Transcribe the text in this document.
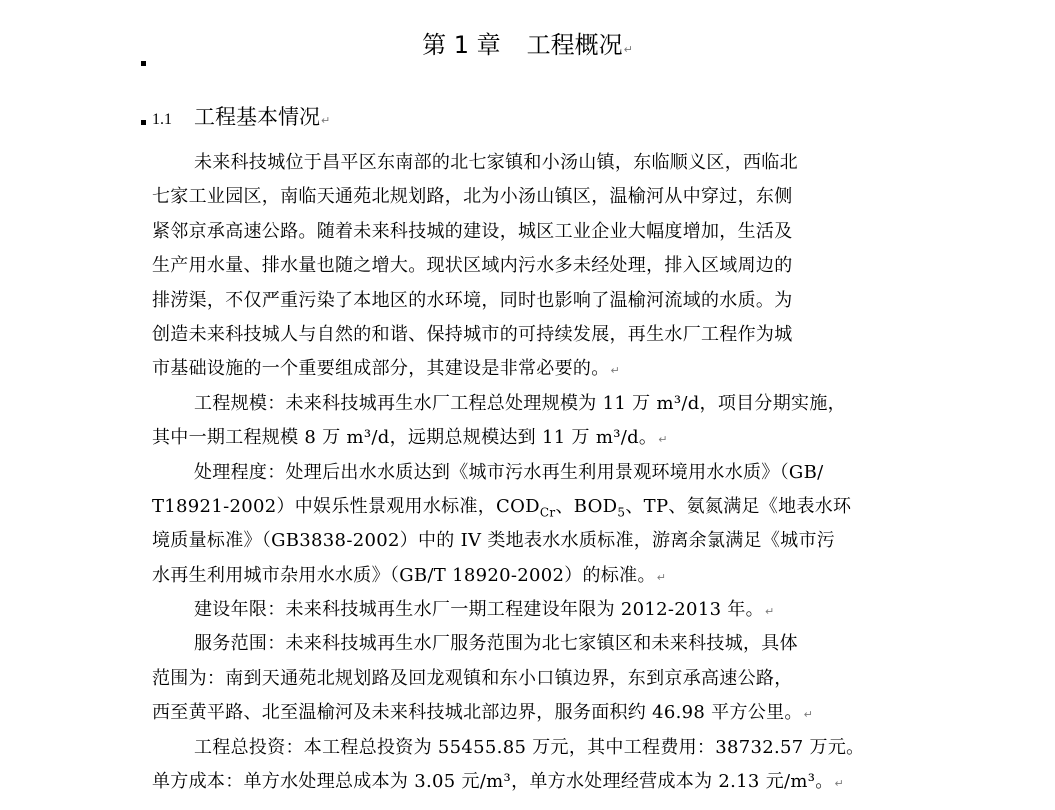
第 1 章 工程概况↵
1.1 工程基本情况↵
未来科技城位于昌平区东南部的北七家镇和小汤山镇，东临顺义区，西临北
七家工业园区，南临天通苑北规划路，北为小汤山镇区，温榆河从中穿过，东侧
紧邻京承高速公路。随着未来科技城的建设，城区工业企业大幅度增加，生活及
生产用水量、排水量也随之增大。现状区域内污水多未经处理，排入区域周边的
排涝渠，不仅严重污染了本地区的水环境，同时也影响了温榆河流域的水质。为
创造未来科技城人与自然的和谐、保持城市的可持续发展，再生水厂工程作为城
市基础设施的一个重要组成部分，其建设是非常必要的。↵
工程规模：未来科技城再生水厂工程总处理规模为 11 万 m³/d，项目分期实施，
其中一期工程规模 8 万 m³/d，远期总规模达到 11 万 m³/d。↵
处理程度：处理后出水水质达到《城市污水再生利用景观环境用水水质》（GB/
T18921-2002）中娱乐性景观用水标准，$COD_{Cr}$、$BOD_5$、TP、氨氮满足《地表水环
境质量标准》（GB3838-2002）中的 IV 类地表水水质标准，游离余氯满足《城市污
水再生利用城市杂用水水质》（GB/T 18920-2002）的标准。↵
建设年限：未来科技城再生水厂一期工程建设年限为 2012-2013 年。↵
服务范围：未来科技城再生水厂服务范围为北七家镇区和未来科技城，具体
范围为：南到天通苑北规划路及回龙观镇和东小口镇边界，东到京承高速公路，
西至黄平路、北至温榆河及未来科技城北部边界，服务面积约 46.98 平方公里。↵
工程总投资：本工程总投资为 55455.85 万元，其中工程费用：38732.57 万元。
单方成本：单方水处理总成本为 3.05 元/m³，单方水处理经营成本为 2.13 元/m³。↵
